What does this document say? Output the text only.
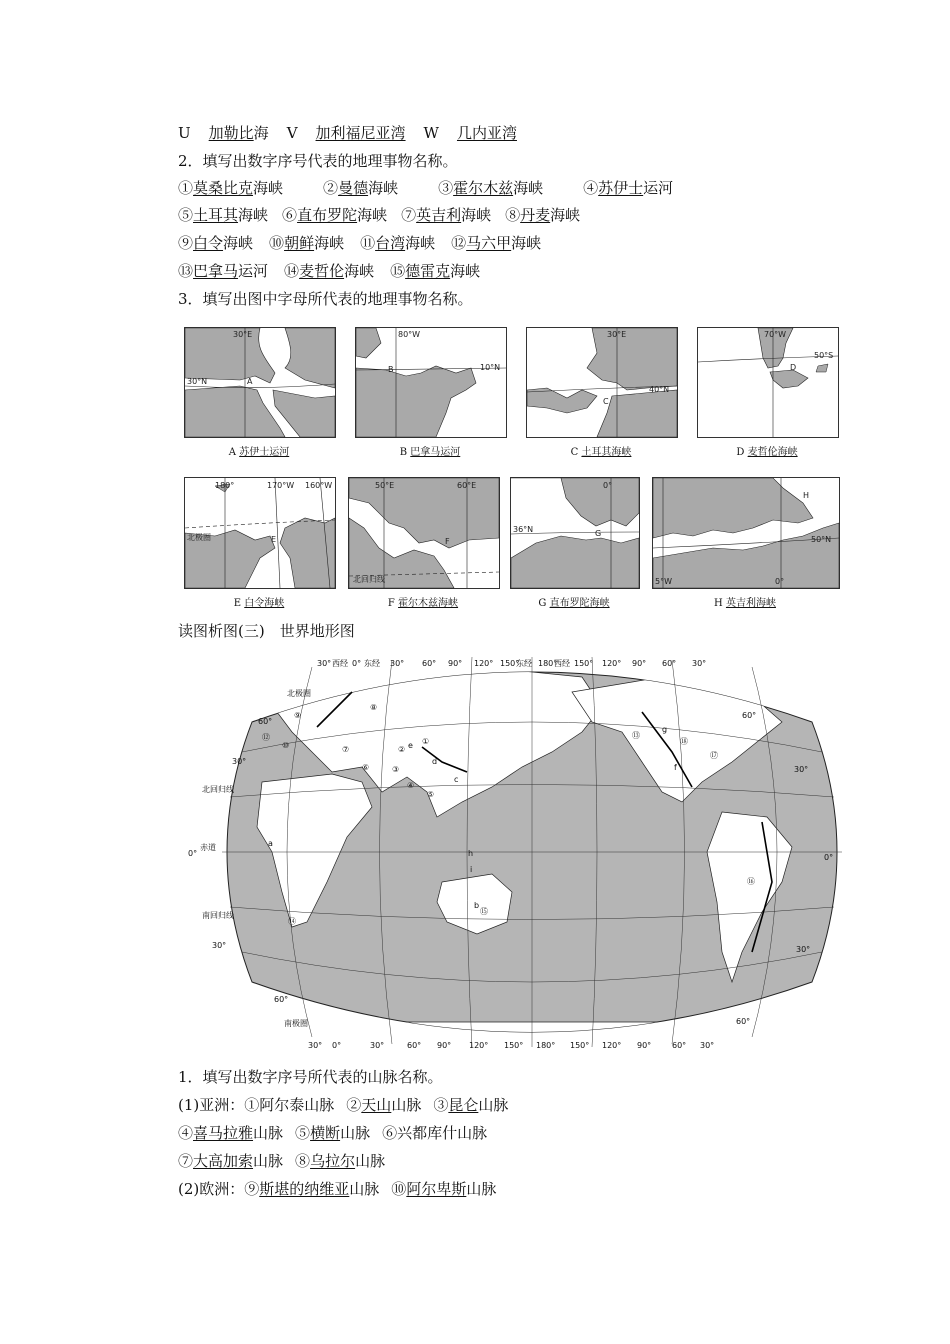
U 加勒比海 V 加利福尼亚湾 W 几内亚湾
2．填写出数字序号代表的地理事物名称。
①莫桑比克海峡	②曼德海峡	③霍尔木兹海峡	④苏伊士运河
⑤土耳其海峡 ⑥直布罗陀海峡 ⑦英吉利海峡 ⑧丹麦海峡
⑨白令海峡 ⑩朝鲜海峡 ⑪台湾海峡 ⑫马六甲海峡
⑬巴拿马运河 ⑭麦哲伦海峡 ⑮德雷克海峡
3．填写出图中字母所代表的地理事物名称。
30°E
30°N	A
A 苏伊士运河
80°W
B	10°N
B 巴拿马运河
30°E
40°N
C
C 土耳其海峡
70°W
50°S
D
D 麦哲伦海峡
180°	170°W 160°W
北极圈	E
E 白令海峡
50°E	60°E
F
北回归线
F 霍尔木兹海峡
0°
36°N	G
G 直布罗陀海峡
H
50°N
5°W	0°
H 英吉利海峡
读图析图(三)　世界地形图
30° 西经 0° 东经 30° 60° 90° 120° 150°
东经 180°
西经 150° 120° 90° 60° 30°
30° 0°	30°	60° 90° 120° 150° 180° 150° 120° 90°	60° 30°
北极圈
60°
30°
北回归线
0°
赤道
南回归线
30°
60°
南极圈
60°
30°
0°
30°
60°
⑧
⑨
⑫
⑩	①
②
③
④
⑤
⑥
⑦
⑬
⑭
⑮
⑯
⑰
⑱
a
b
c
d
e
f
g
h
i
1．填写出数字序号所代表的山脉名称。
(1)亚洲：①阿尔泰山脉 ②天山山脉 ③昆仑山脉
④喜马拉雅山脉 ⑤横断山脉 ⑥兴都库什山脉
⑦大高加索山脉 ⑧乌拉尔山脉
(2)欧洲：⑨斯堪的纳维亚山脉 ⑩阿尔卑斯山脉
